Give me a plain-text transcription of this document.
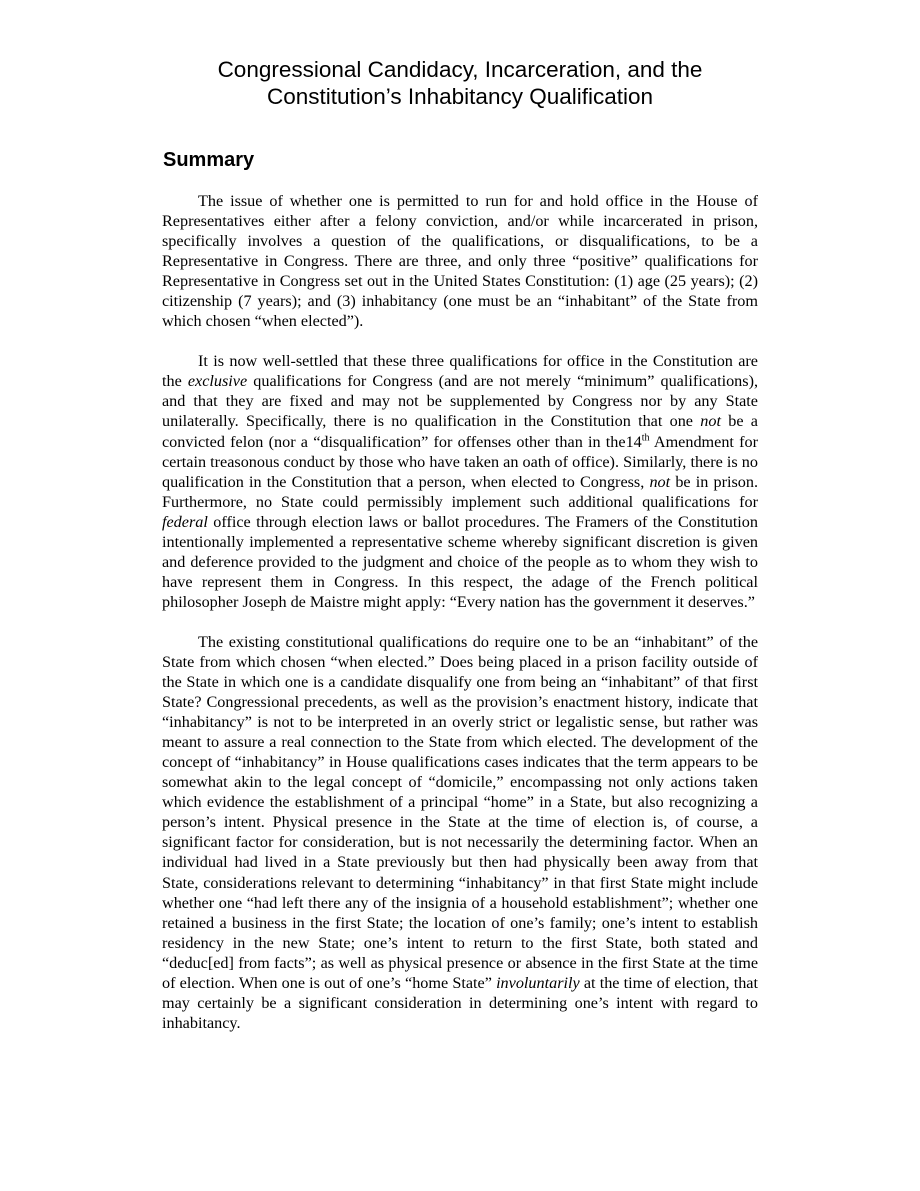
Congressional Candidacy, Incarceration, and the
Constitution’s Inhabitancy Qualification
Summary

The issue of whether one is permitted to run for and hold office in the House of Representatives either after a felony conviction, and/or while incarcerated in prison, specifically involves a question of the qualifications, or disqualifications, to be a Representative in Congress. There are three, and only three “positive” qualifications for Representative in Congress set out in the United States Constitution: (1) age (25 years); (2) citizenship (7 years); and (3) inhabitancy (one must be an “inhabitant” of the State from which chosen “when elected”).

It is now well-settled that these three qualifications for office in the Constitution are the exclusive qualifications for Congress (and are not merely “minimum” qualifications), and that they are fixed and may not be supplemented by Congress nor by any State unilaterally. Specifically, there is no qualification in the Constitution that one not be a convicted felon (nor a “disqualification” for offenses other than in the14th Amendment for certain treasonous conduct by those who have taken an oath of office). Similarly, there is no qualification in the Constitution that a person, when elected to Congress, not be in prison. Furthermore, no State could permissibly implement such additional qualifications for federal office through election laws or ballot procedures. The Framers of the Constitution intentionally implemented a representative scheme whereby significant discretion is given and deference provided to the judgment and choice of the people as to whom they wish to have represent them in Congress. In this respect, the adage of the French political philosopher Joseph de Maistre might apply: “Every nation has the government it deserves.”

The existing constitutional qualifications do require one to be an “inhabitant” of the State from which chosen “when elected.” Does being placed in a prison facility outside of the State in which one is a candidate disqualify one from being an “inhabitant” of that first State? Congressional precedents, as well as the provision’s enactment history, indicate that “inhabitancy” is not to be interpreted in an overly strict or legalistic sense, but rather was meant to assure a real connection to the State from which elected. The development of the concept of “inhabitancy” in House qualifications cases indicates that the term appears to be somewhat akin to the legal concept of “domicile,” encompassing not only actions taken which evidence the establishment of a principal “home” in a State, but also recognizing a person’s intent. Physical presence in the State at the time of election is, of course, a significant factor for consideration, but is not necessarily the determining factor. When an individual had lived in a State previously but then had physically been away from that State, considerations relevant to determining “inhabitancy” in that first State might include whether one “had left there any of the insignia of a household establishment”; whether one retained a business in the first State; the location of one’s family; one’s intent to establish residency in the new State; one’s intent to return to the first State, both stated and “deduc[ed] from facts”; as well as physical presence or absence in the first State at the time of election. When one is out of one’s “home State” involuntarily at the time of election, that may certainly be a significant consideration in determining one’s intent with regard to inhabitancy.
